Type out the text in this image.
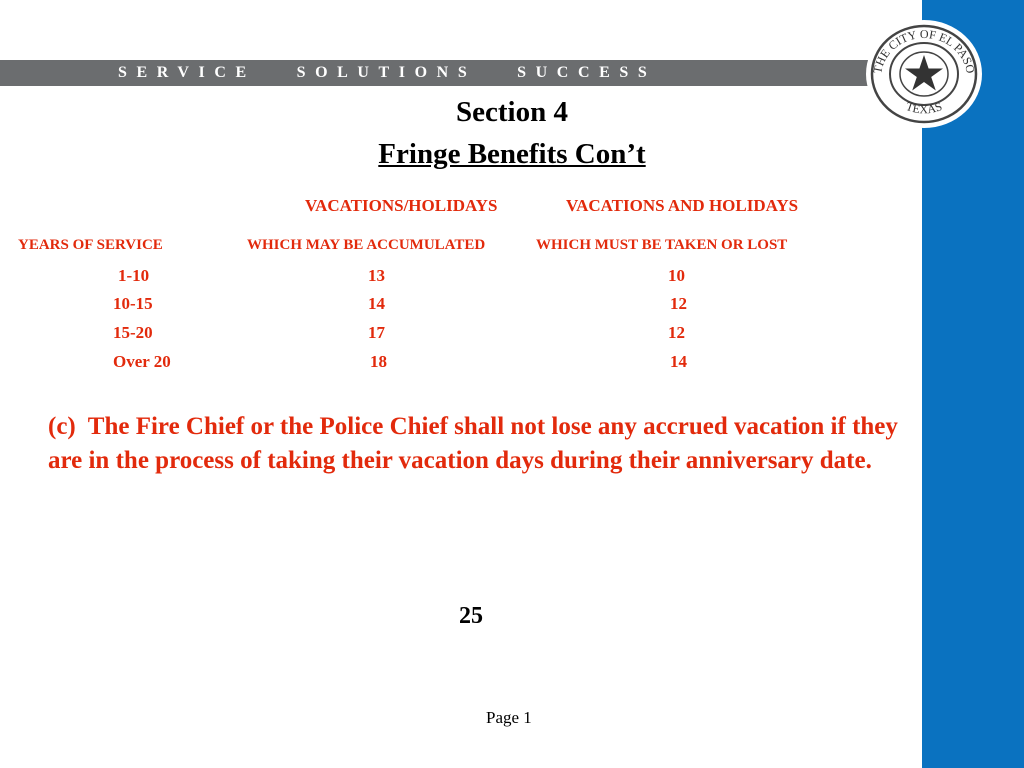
SERVICE   SOLUTIONS   SUCCESS	THE CITY OF EL PASO
TEXAS
Section 4
Fringe Benefits Con’t
VACATIONS/HOLIDAYS	VACATIONS AND HOLIDAYS
YEARS OF SERVICE	WHICH MAY BE ACCUMULATED	WHICH MUST BE TAKEN OR LOST
1-10	13	10
10-15	14	12
15-20	17	12
Over 20	18	14
(c)  The Fire Chief or the Police Chief shall not lose any accrued vacation if they are in the process of taking their vacation days during their anniversary date.
25
Page 1
